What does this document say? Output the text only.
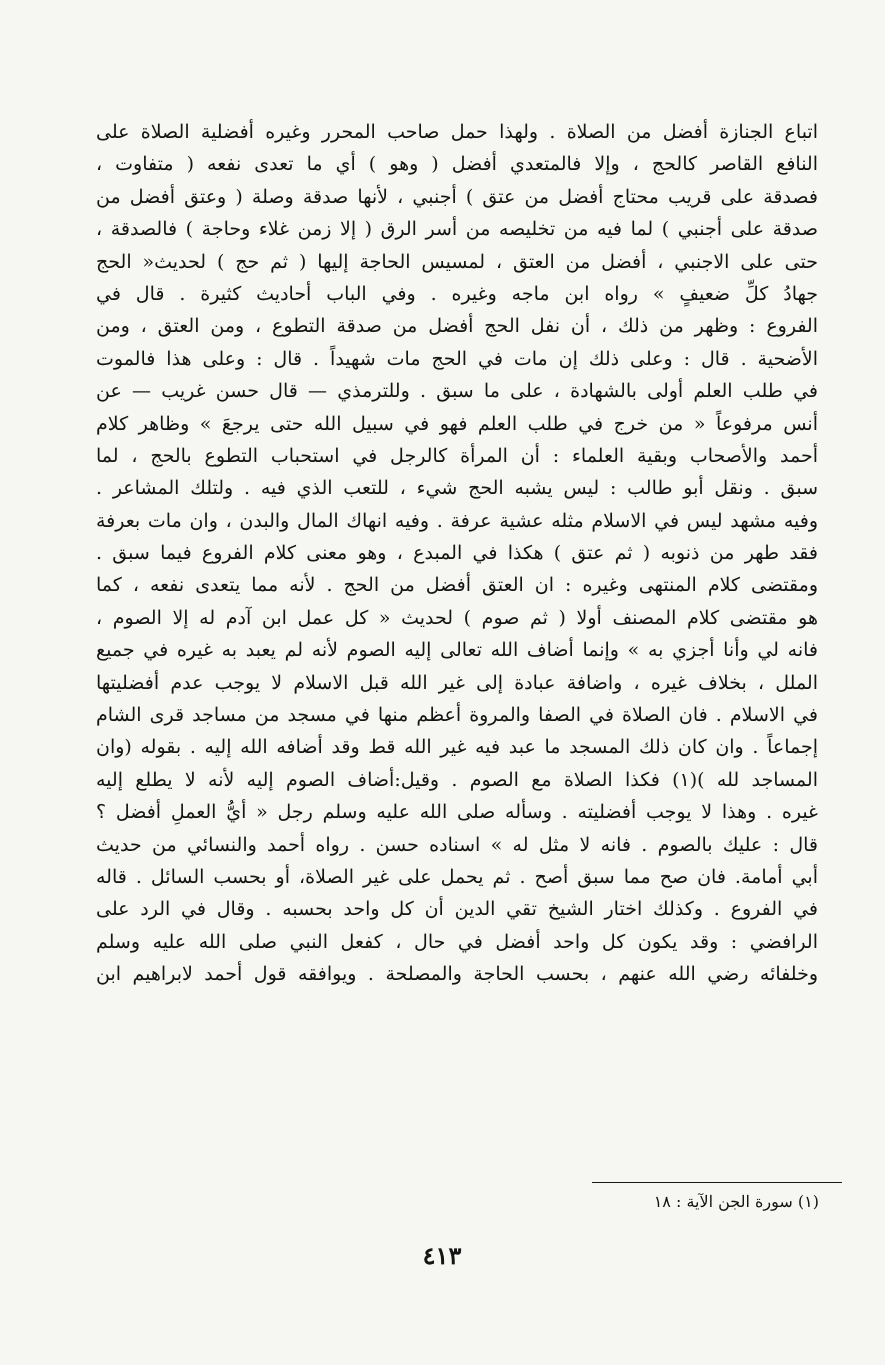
اتباع الجنازة أفضل من الصلاة . ولهذا حمل صاحب المحرر وغيره أفضلية الصلاة على
النافع القاصر كالحج ، وإلا فالمتعدي أفضل ( وهو ) أي ما تعدى نفعه ( متفاوت ،
فصدقة على قريب محتاج أفضل من عتق ) أجنبي ، لأنها صدقة وصلة ( وعتق أفضل من
صدقة على أجنبي ) لما فيه من تخليصه من أسر الرق ( إلا زمن غلاء وحاجة ) فالصدقة ،
حتى على الاجنبي ، أفضل من العتق ، لمسيس الحاجة إليها ( ثم حج ) لحديث« الحج
جهادُ كلِّ ضعيفٍ » رواه ابن ماجه وغيره . وفي الباب أحاديث كثيرة . قال في
الفروع : وظهر من ذلك ، أن نفل الحج أفضل من صدقة التطوع ، ومن العتق ، ومن
الأضحية . قال : وعلى ذلك إن مات في الحج مات شهيداً . قال : وعلى هذا فالموت
في طلب العلم أولى بالشهادة ، على ما سبق . وللترمذي — قال حسن غريب — عن
أنس مرفوعاً « من خرج في طلب العلم فهو في سبيل الله حتى يرجعَ » وظاهر كلام
أحمد والأصحاب وبقية العلماء : أن المرأة كالرجل في استحباب التطوع بالحج ، لما
سبق . ونقل أبو طالب : ليس يشبه الحج شيء ، للتعب الذي فيه . ولتلك المشاعر .
وفيه مشهد ليس في الاسلام مثله عشية عرفة . وفيه انهاك المال والبدن ، وان مات بعرفة
فقد طهر من ذنوبه ( ثم عتق ) هكذا في المبدع ، وهو معنى كلام الفروع فيما سبق .
ومقتضى كلام المنتهى وغيره : ان العتق أفضل من الحج . لأنه مما يتعدى نفعه ، كما
هو مقتضى كلام المصنف أولا ( ثم صوم ) لحديث « كل عمل ابن آدم له إلا الصوم ،
فانه لي وأنا أجزي به » وإنما أضاف الله تعالى إليه الصوم لأنه لم يعبد به غيره في جميع
الملل ، بخلاف غيره ، واضافة عبادة إلى غير الله قبل الاسلام لا يوجب عدم أفضليتها
في الاسلام . فان الصلاة في الصفا والمروة أعظم منها في مسجد من مساجد قرى الشام
إجماعاً . وان كان ذلك المسجد ما عبد فيه غير الله قط وقد أضافه الله إليه . بقوله (وان
المساجد لله )(١) فكذا الصلاة مع الصوم . وقيل:أضاف الصوم إليه لأنه لا يطلع إليه
غيره . وهذا لا يوجب أفضليته . وسأله صلى الله عليه وسلم رجل « أيُّ العملِ أفضل ؟
قال : عليك بالصوم . فانه لا مثل له » اسناده حسن . رواه أحمد والنسائي من حديث
أبي أمامة. فان صح مما سبق أصح . ثم يحمل على غير الصلاة، أو بحسب السائل . قاله
في الفروع . وكذلك اختار الشيخ تقي الدين أن كل واحد بحسبه . وقال في الرد على
الرافضي : وقد يكون كل واحد أفضل في حال ، كفعل النبي صلى الله عليه وسلم
وخلفائه رضي الله عنهم ، بحسب الحاجة والمصلحة . ويوافقه قول أحمد لابراهيم ابن
(١) سورة الجن الآية : ١٨
٤١٣
